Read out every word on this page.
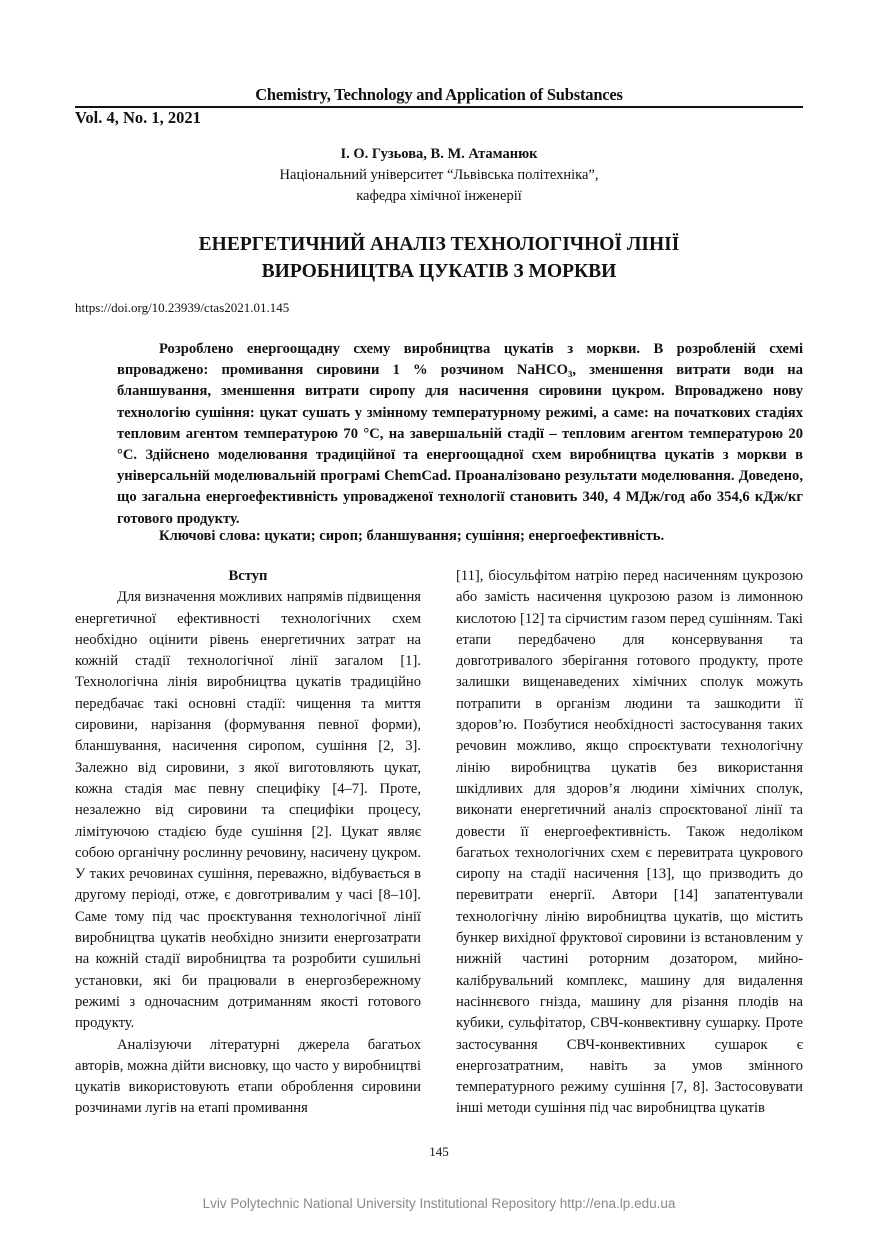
Chemistry, Technology and Application of Substances
Vol. 4, No. 1, 2021
І. О. Гузьова, В. М. Атаманюк
Національний університет “Львівська політехніка”,
кафедра хімічної інженерії
ЕНЕРГЕТИЧНИЙ АНАЛІЗ ТЕХНОЛОГІЧНОЇ ЛІНІЇ
ВИРОБНИЦТВА ЦУКАТІВ З МОРКВИ
https://doi.org/10.23939/ctas2021.01.145
Розроблено енергоощадну схему виробництва цукатів з моркви. В розробленій схемі впроваджено: промивання сировини 1 % розчином NaHCO₃, зменшення витрати води на бланшування, зменшення витрати сиропу для насичення сировини цукром. Впроваджено нову технологію сушіння: цукат сушать у змінному температурному режимі, а саме: на початкових стадіях тепловим агентом температурою 70 °С, на завершальній стадії – тепловим агентом температурою 20 °С. Здійснено моделювання традиційної та енергоощадної схем виробництва цукатів з моркви в універсальній моделювальній програмі ChemCad. Проаналізовано результати моделювання. Доведено, що загальна енергоефективність упровадженої технології становить 340, 4 МДж/год або 354,6 кДж/кг готового продукту.
Ключові слова: цукати; сироп; бланшування; сушіння; енергоефективність.

Вступ

Для визначення можливих напрямів підвищення енергетичної ефективності технологічних схем необхідно оцінити рівень енергетичних затрат на кожній стадії технологічної лінії загалом [1]. Технологічна лінія виробництва цукатів традиційно передбачає такі основні стадії: чищення та миття сировини, нарізання (формування певної форми), бланшування, насичення сиропом, сушіння [2, 3]. Залежно від сировини, з якої виготовляють цукат, кожна стадія має певну специфіку [4–7]. Проте, незалежно від сировини та специфіки процесу, лімітуючою стадією буде сушіння [2]. Цукат являє собою органічну рослинну речовину, насичену цукром. У таких речовинах сушіння, переважно, відбувається в другому періоді, отже, є довготривалим у часі [8–10]. Саме тому під час проєктування технологічної лінії виробництва цукатів необхідно знизити енергозатрати на кожній стадії виробництва та розробити сушильні установки, які би працювали в енергозбережному режимі з одночасним дотриманням якості готового продукту.

Аналізуючи літературні джерела багатьох авторів, можна дійти висновку, що часто у виробництві цукатів використовують етапи оброблення сировини розчинами лугів на етапі промивання

[11], біосульфітом натрію перед насиченням цукрозою або замість насичення цукрозою разом із лимонною кислотою [12] та сірчистим газом перед сушінням. Такі етапи передбачено для консервування та довготривалого зберігання готового продукту, проте залишки вищенаведених хімічних сполук можуть потрапити в організм людини та зашкодити її здоров’ю. Позбутися необхідності застосування таких речовин можливо, якщо спроєктувати технологічну лінію виробництва цукатів без використання шкідливих для здоров’я людини хімічних сполук, виконати енергетичний аналіз спроєктованої лінії та довести її енергоефективність. Також недоліком багатьох технологічних схем є перевитрата цукрового сиропу на стадії насичення [13], що призводить до перевитрати енергії. Автори [14] запатентували технологічну лінію виробництва цукатів, що містить бункер вихідної фруктової сировини із встановленим у нижній частині роторним дозатором, мийно-калібрувальний комплекс, машину для видалення насіннєвого гнізда, машину для різання плодів на кубики, сульфітатор, СВЧ-конвективну сушарку. Проте застосування СВЧ-конвективних сушарок є енергозатратним, навіть за умов змінного температурного режиму сушіння [7, 8]. Застосовувати інші методи сушіння під час виробництва цукатів

145
Lviv Polytechnic National University Institutional Repository http://ena.lp.edu.ua
